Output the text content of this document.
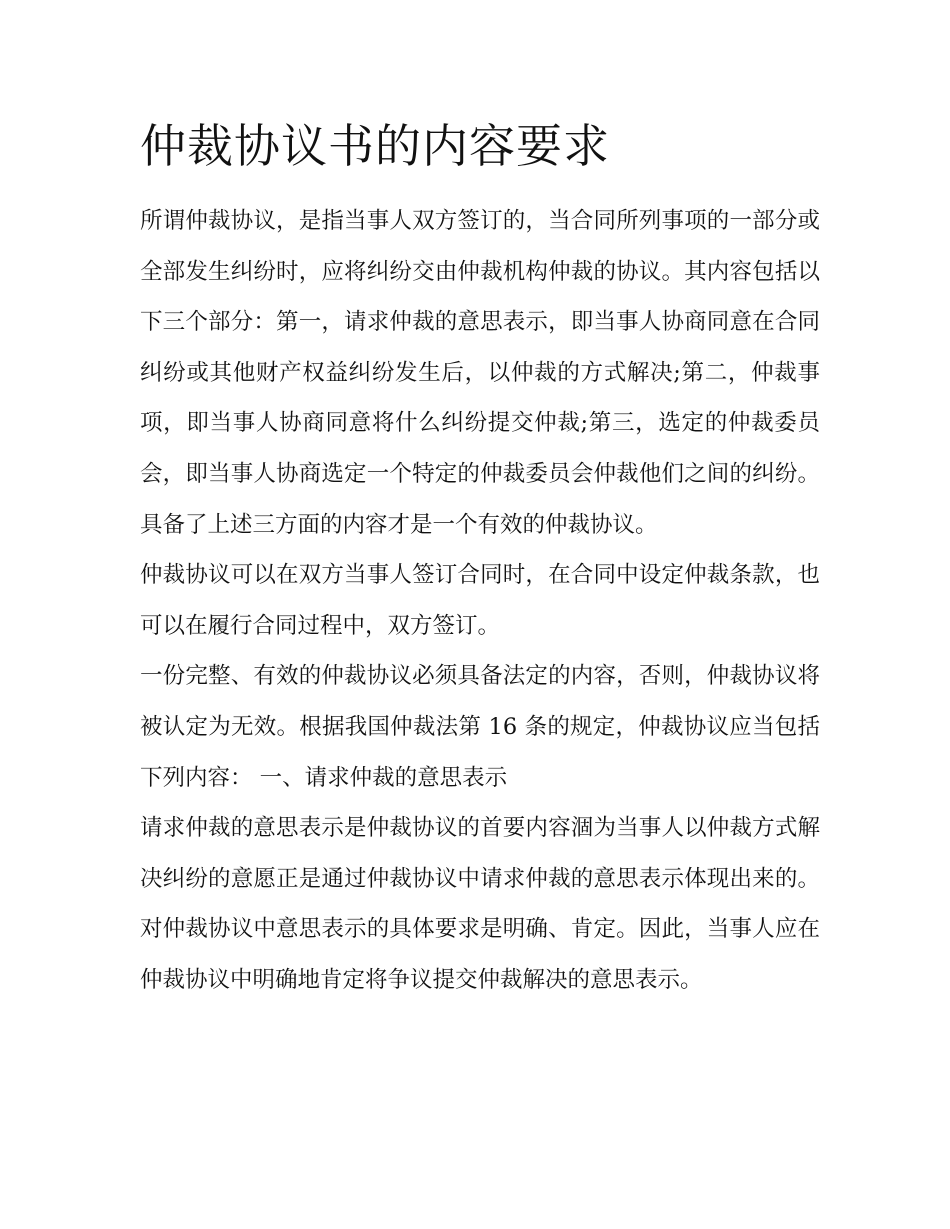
仲裁协议书的内容要求

所谓仲裁协议，是指当事人双方签订的，当合同所列事项的一部分或全部发生纠纷时，应将纠纷交由仲裁机构仲裁的协议。其内容包括以下三个部分：第一，请求仲裁的意思表示，即当事人协商同意在合同纠纷或其他财产权益纠纷发生后，以仲裁的方式解决;第二，仲裁事项，即当事人协商同意将什么纠纷提交仲裁;第三，选定的仲裁委员会，即当事人协商选定一个特定的仲裁委员会仲裁他们之间的纠纷。具备了上述三方面的内容才是一个有效的仲裁协议。

仲裁协议可以在双方当事人签订合同时，在合同中设定仲裁条款，也可以在履行合同过程中，双方签订。

一份完整、有效的仲裁协议必须具备法定的内容，否则，仲裁协议将被认定为无效。根据我国仲裁法第 16 条的规定，仲裁协议应当包括下列内容： 一、请求仲裁的意思表示

请求仲裁的意思表示是仲裁协议的首要内容涸为当事人以仲裁方式解决纠纷的意愿正是通过仲裁协议中请求仲裁的意思表示体现出来的。对仲裁协议中意思表示的具体要求是明确、肯定。因此，当事人应在仲裁协议中明确地肯定将争议提交仲裁解决的意思表示。
